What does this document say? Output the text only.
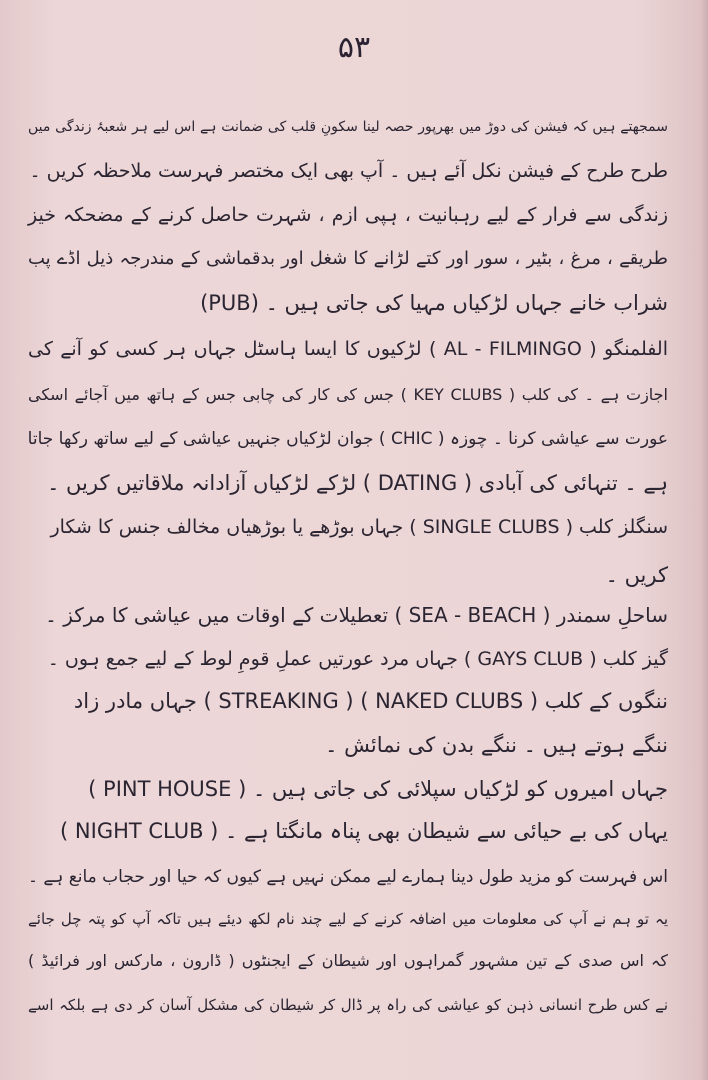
۵۳
سمجھتے ہیں کہ فیشن کی دوڑ میں بھرپور حصہ لینا سکونِ قلب کی ضمانت ہے اس لیے ہر شعبۂ زندگی میں
طرح طرح کے فیشن نکل آئے ہیں ۔ آپ بھی ایک مختصر فہرست ملاحظہ کریں ۔
زندگی سے فرار کے لیے رہبانیت ، ہپی ازم ، شہرت حاصل کرنے کے مضحکہ خیز
طریقے ، مرغ ، بٹیر ، سور اور کتے لڑانے کا شغل اور بدقماشی کے مندرجہ ذیل اڈے پب
(PUB) شراب خانے جہاں لڑکیاں مہیا کی جاتی ہیں ۔
الفلمنگو ( AL - FILMINGO ) لڑکیوں کا ایسا ہاسٹل جہاں ہر کسی کو آنے کی
اجازت ہے ۔ کی کلب ( KEY CLUBS ) جس کی کار کی چابی جس کے ہاتھ میں آجائے اسکی
عورت سے عیاشی کرنا ۔ چوزہ ( CHIC ) جوان لڑکیاں جنہیں عیاشی کے لیے ساتھ رکھا جاتا
ہے ۔ تنہائی کی آبادی ( DATING ) لڑکے لڑکیاں آزادانہ ملاقاتیں کریں ۔
سنگلز کلب ( SINGLE CLUBS ) جہاں بوڑھے یا بوڑھیاں مخالف جنس کا شکار
کریں ۔
ساحلِ سمندر ( SEA - BEACH ) تعطیلات کے اوقات میں عیاشی کا مرکز ۔
گیز کلب ( GAYS CLUB ) جہاں مرد عورتیں عملِ قومِ لوط کے لیے جمع ہوں ۔
ننگوں کے کلب ( NAKED CLUBS ) ( STREAKING ) جہاں مادر زاد
ننگے ہوتے ہیں ۔ ننگے بدن کی نمائش ۔
( PINT HOUSE ) جہاں امیروں کو لڑکیاں سپلائی کی جاتی ہیں ۔
( NIGHT CLUB ) یہاں کی بے حیائی سے شیطان بھی پناہ مانگتا ہے ۔
اس فہرست کو مزید طول دینا ہمارے لیے ممکن نہیں ہے کیوں کہ حیا اور حجاب مانع ہے ۔
یہ تو ہم نے آپ کی معلومات میں اضافہ کرنے کے لیے چند نام لکھ دیئے ہیں تاکہ آپ کو پتہ چل جائے
کہ اس صدی کے تین مشہور گمراہوں اور شیطان کے ایجنٹوں ( ڈارون ، مارکس اور فرائیڈ )
نے کس طرح انسانی ذہن کو عیاشی کی راہ پر ڈال کر شیطان کی مشکل آسان کر دی ہے بلکہ اسے
